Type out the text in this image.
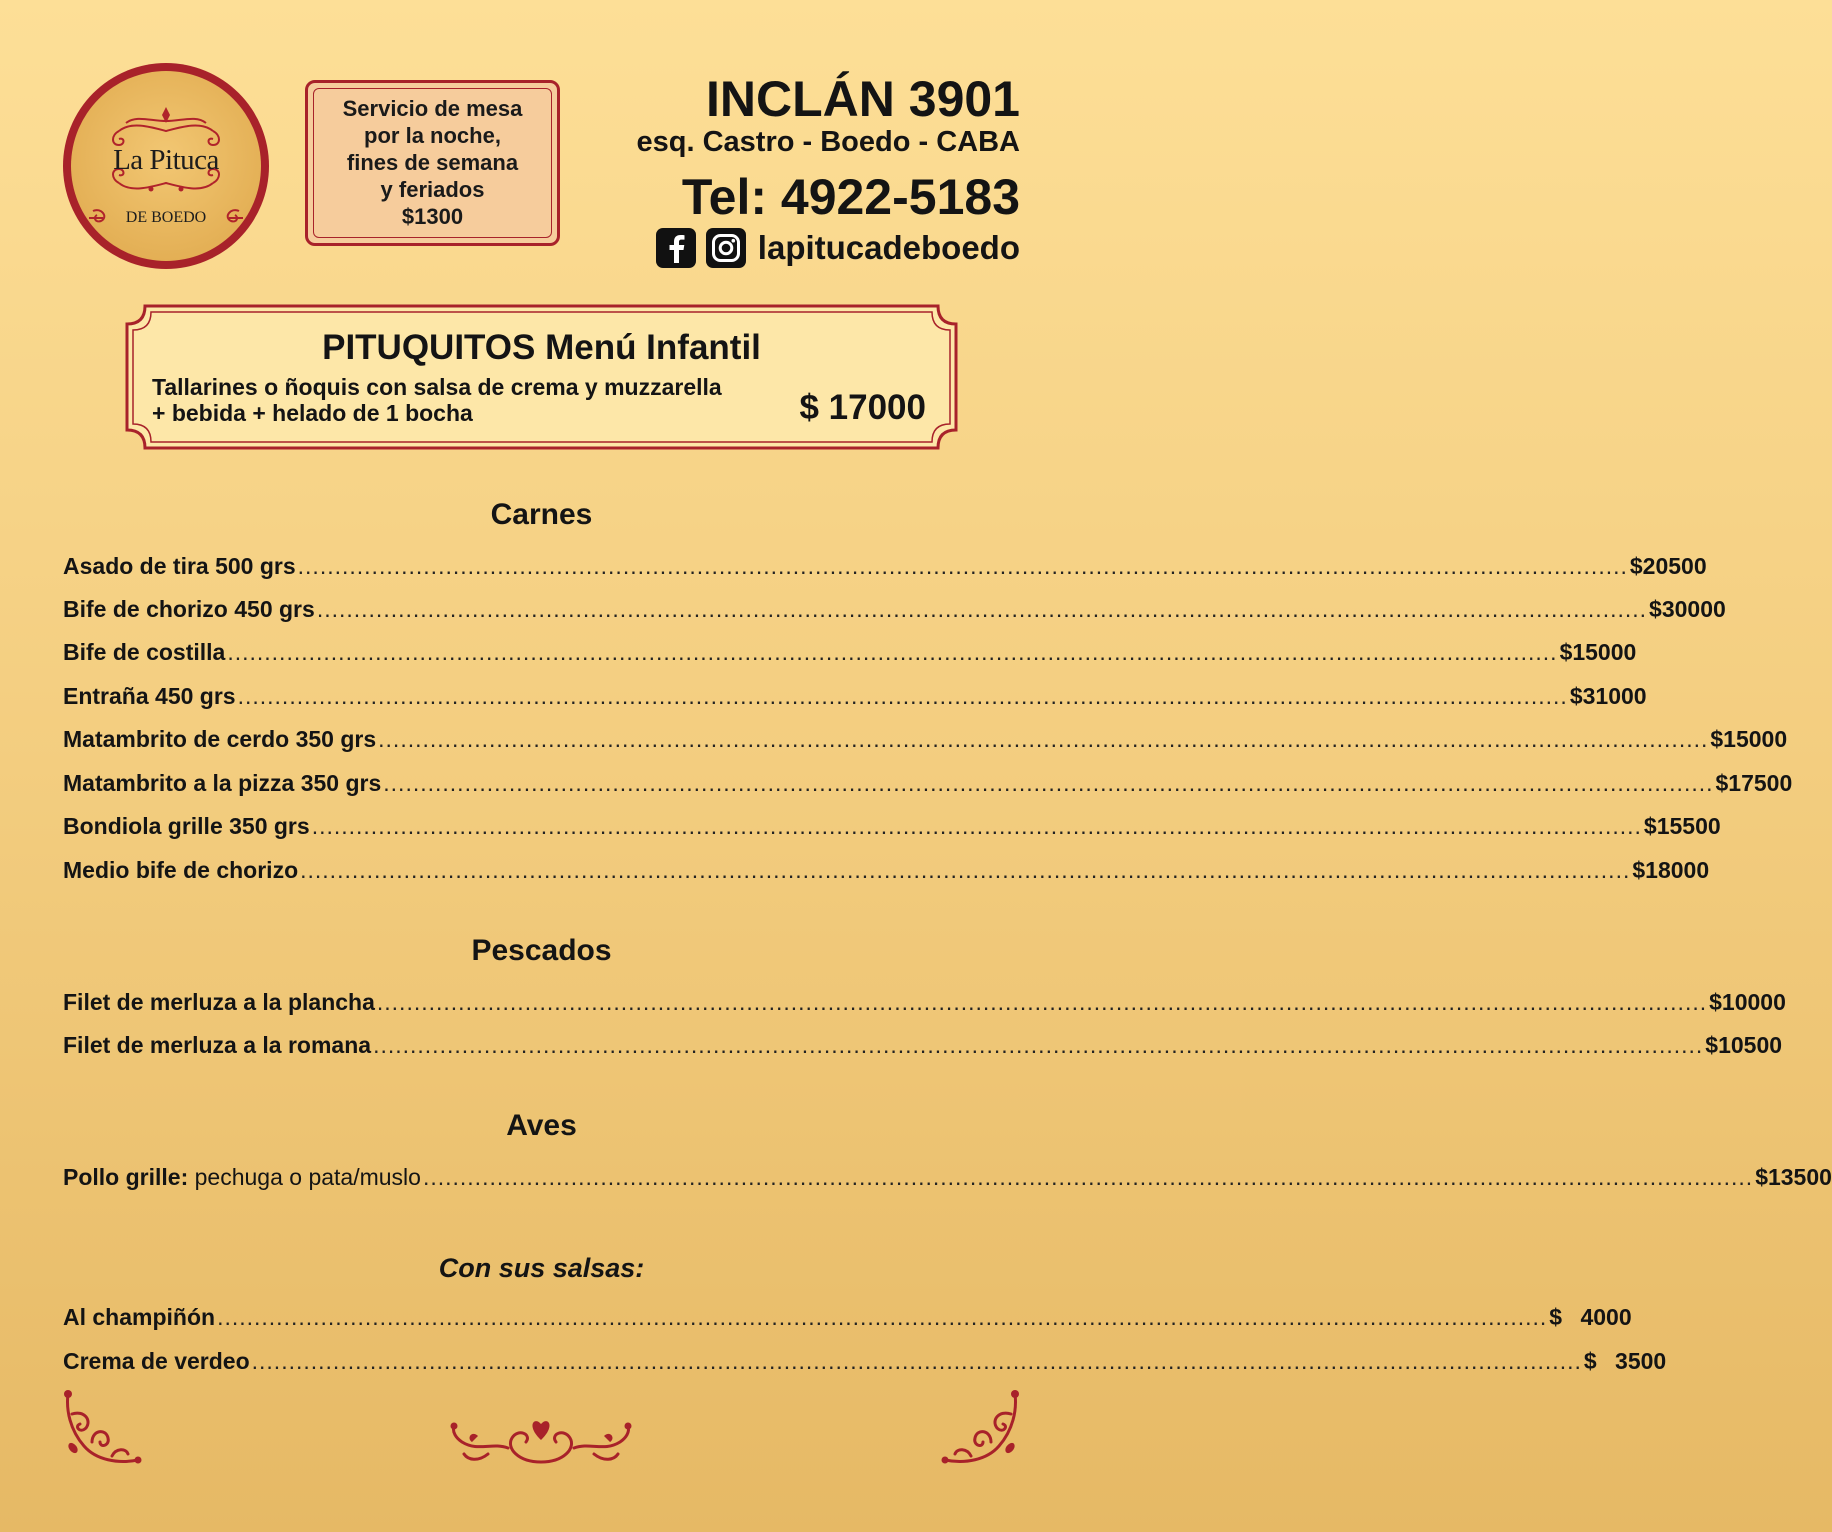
La Pituca
DE BOEDO
Servicio de mesa
por la noche,
fines de semana
y feriados
$1300
INCLÁN 3901
esq. Castro - Boedo - CABA
Tel: 4922-5183
lapitucadeboedo
PITUQUITOS Menú Infantil
Tallarines o ñoquis con salsa de crema y muzzarella
+ bebida + helado de 1 bocha	$ 17000
Carnes
Asado de tira 500 grs .................................................................................................................................................................................... $20500
Bife de chorizo 450 grs .................................................................................................................................................................................... $30000
Bife de costilla .................................................................................................................................................................................... $15000
Entraña 450 grs .................................................................................................................................................................................... $31000
Matambrito de cerdo 350 grs .................................................................................................................................................................................... $15000
Matambrito a la pizza 350 grs .................................................................................................................................................................................... $17500
Bondiola grille 350 grs .................................................................................................................................................................................... $15500
Medio bife de chorizo .................................................................................................................................................................................... $18000
Pescados
Filet de merluza a la plancha .................................................................................................................................................................................... $10000
Filet de merluza a la romana .................................................................................................................................................................................... $10500
Aves
Pollo grille: pechuga o pata/muslo .................................................................................................................................................................................... $13500
Con sus salsas:
Al champiñón .................................................................................................................................................................................... $ 4000
Crema de verdeo .................................................................................................................................................................................... $ 3500
